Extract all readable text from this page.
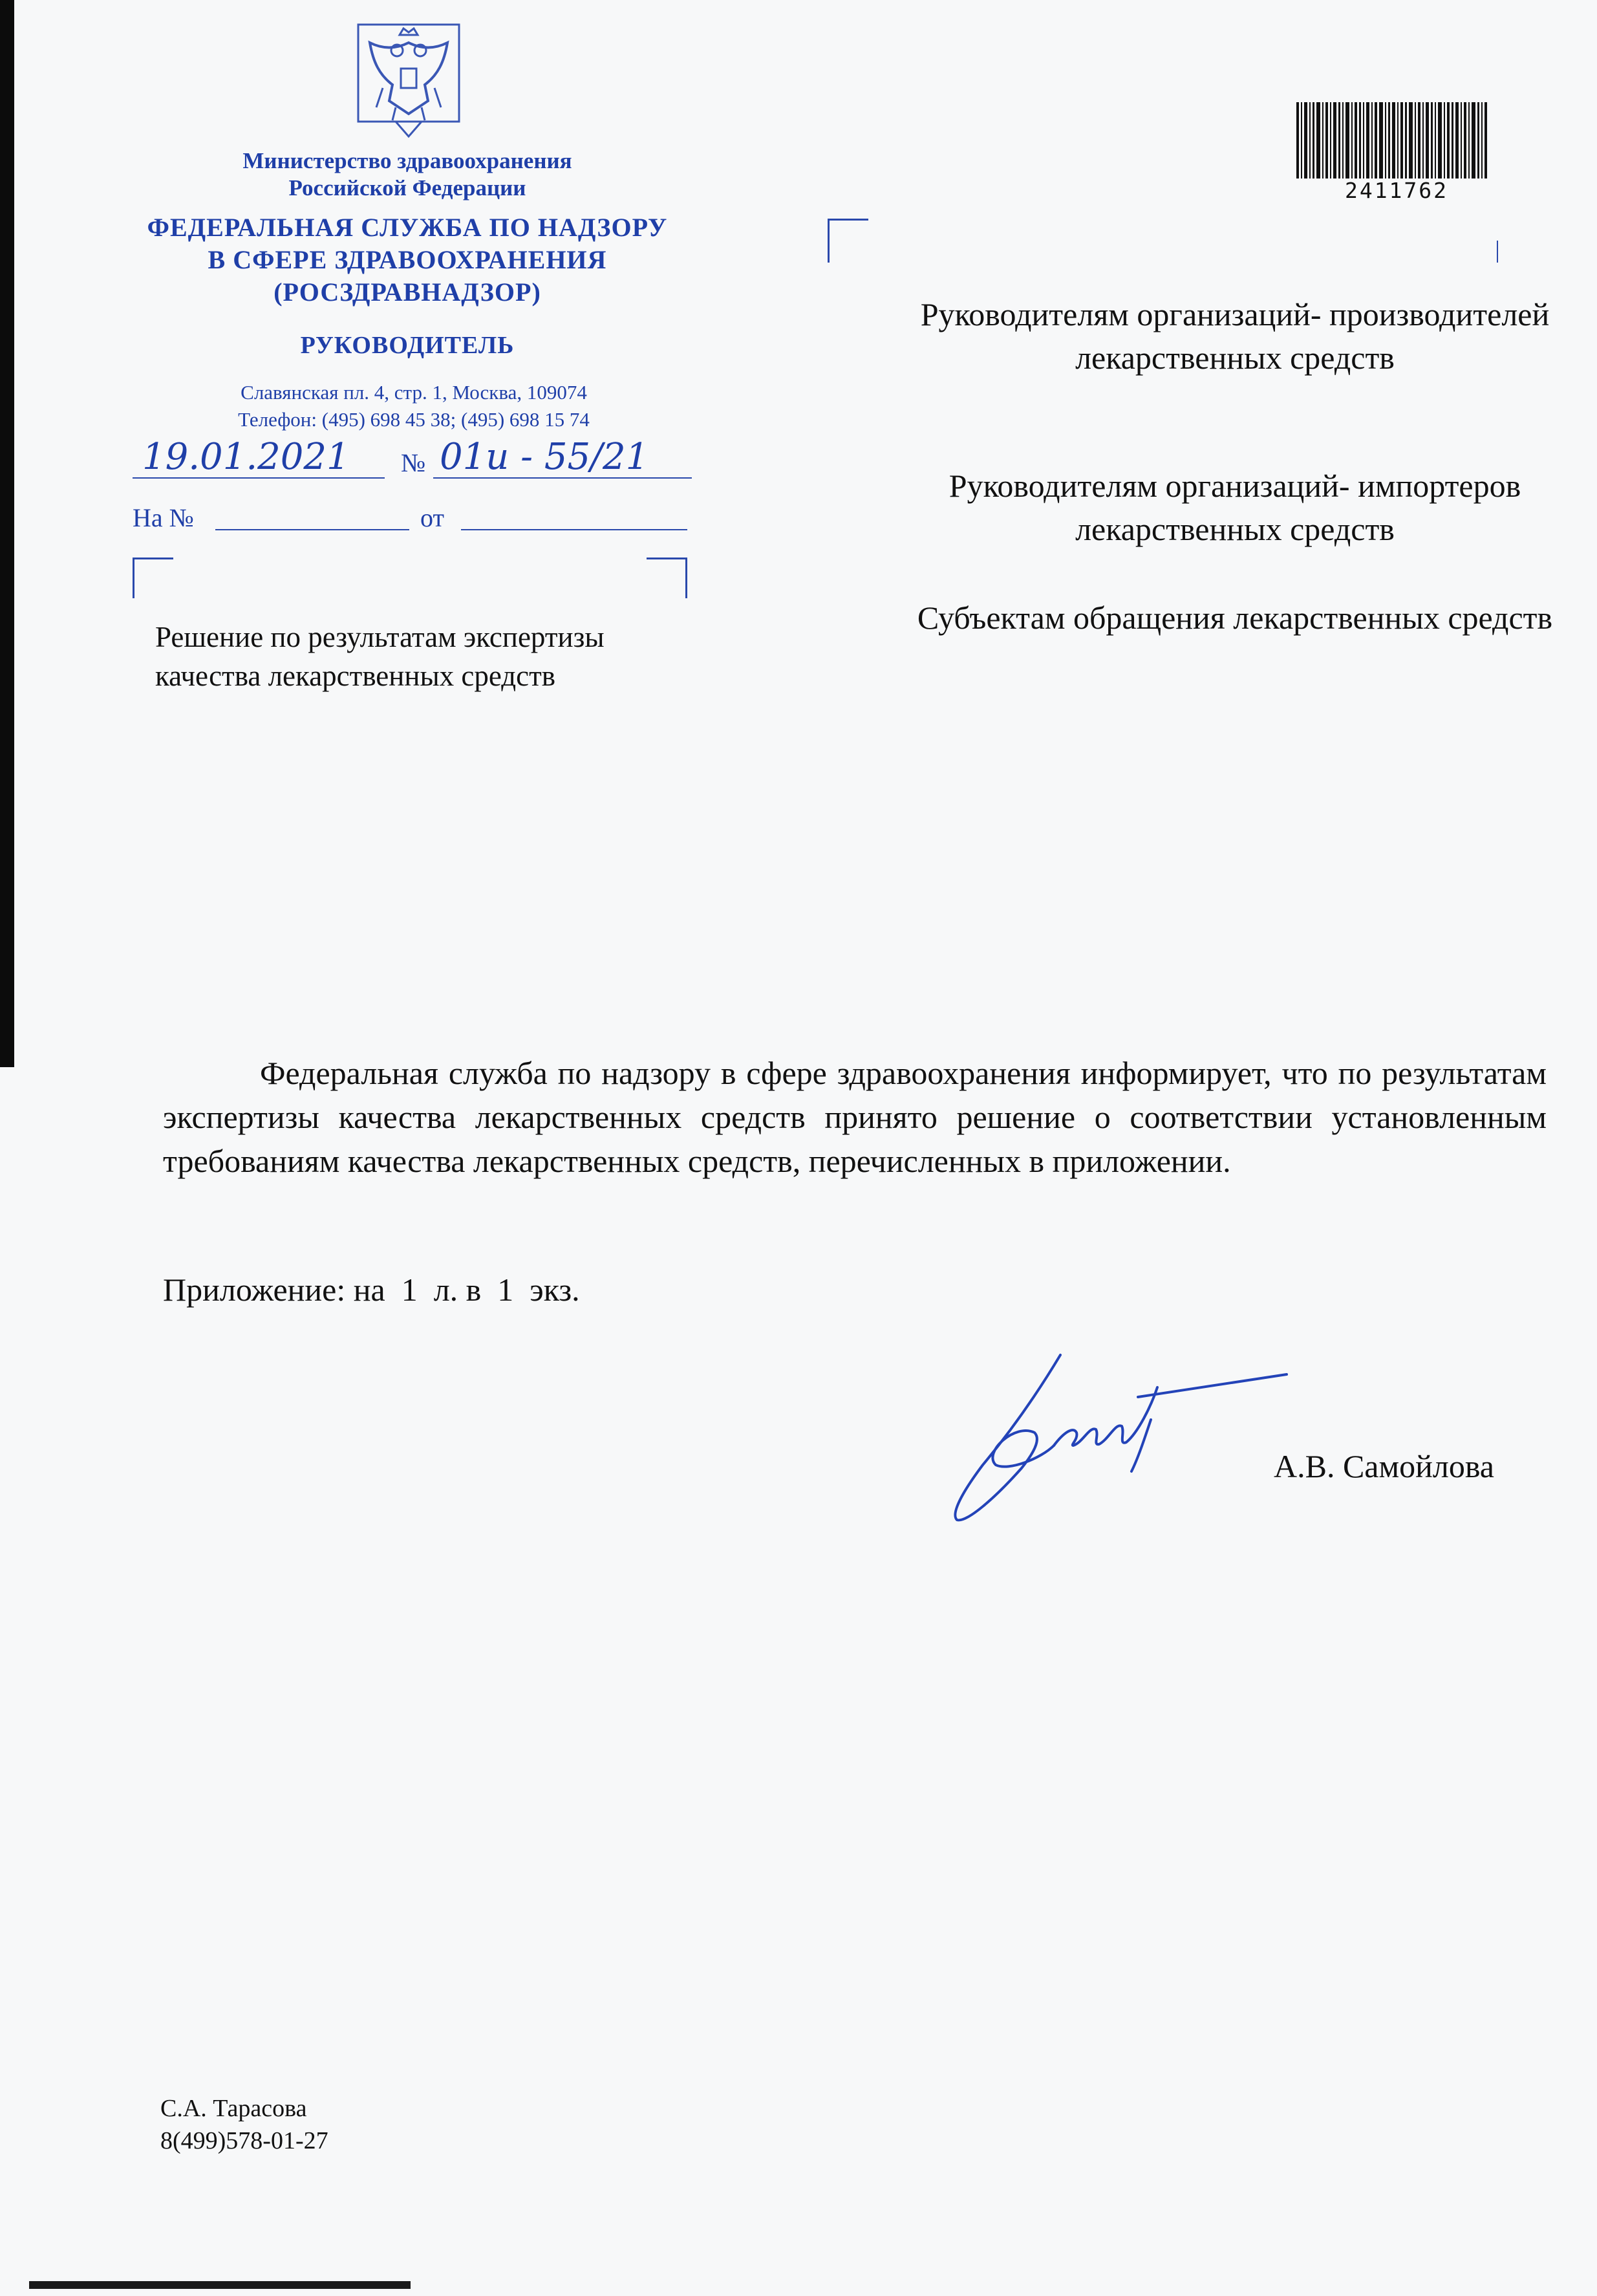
Министерство здравоохранения
Российской Федерации
ФЕДЕРАЛЬНАЯ СЛУЖБА ПО НАДЗОРУ
В СФЕРЕ ЗДРАВООХРАНЕНИЯ
(РОСЗДРАВНАДЗОР)
РУКОВОДИТЕЛЬ
Славянская пл. 4, стр. 1, Москва, 109074
Телефон: (495) 698 45 38; (495) 698 15 74
19.01.2021 № 01и - 55/21
На №	от
Решение по результатам экспертизы
качества лекарственных средств
2411762
Руководителям организаций- производителей лекарственных средств
Руководителям организаций- импортеров лекарственных средств
Субъектам обращения лекарственных средств
Федеральная служба по надзору в сфере здравоохранения информирует, что по результатам экспертизы качества лекарственных средств принято решение о соответствии установленным требованиям качества лекарственных средств, перечисленных в приложении.
Приложение: на  1  л. в  1  экз.
А.В. Самойлова
С.А. Тарасова
8(499)578-01-27
